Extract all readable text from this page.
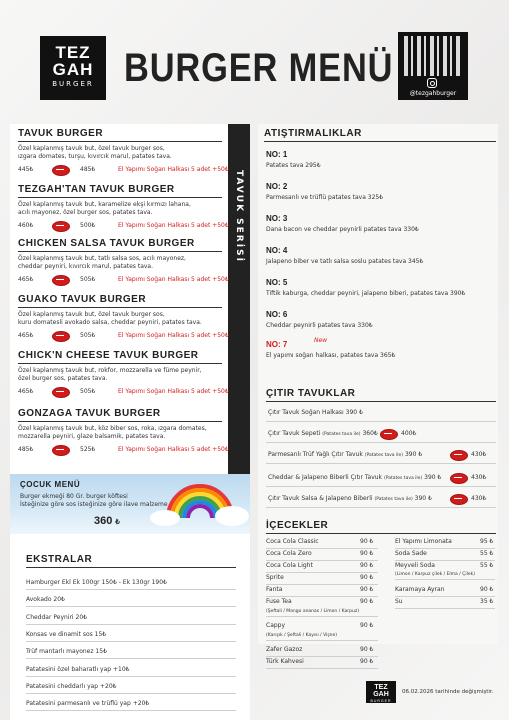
TEZ
GAH
BURGER BURGER MENÜ
@tezgahburger
TAVUK SERİSİ
TAVUK BURGER
Özel kaplanmış tavuk but, özel tavuk burger sos,
ızgara domates, turşu, kıvırcık marul, patates tava.
445₺	485₺	El Yapımı Soğan Halkası 5 adet +50₺
TEZGAH'TAN TAVUK BURGER
Özel kaplanmış tavuk but, karamelize ekşi kırmızı lahana,
acılı mayonez, özel burger sos, patates tava.
460₺	500₺	El Yapımı Soğan Halkası 5 adet +50₺
CHICKEN SALSA TAVUK BURGER
Özel kaplanmış tavuk but, tatlı salsa sos, acılı mayonez,
cheddar peyniri, kıvırcık marul, patates tava.
465₺	505₺	El Yapımı Soğan Halkası 5 adet +50₺
GUAKO TAVUK BURGER
Özel kaplanmış tavuk but, özel tavuk burger sos,
kuru domatesli avokado salsa, cheddar peyniri, patates tava.
465₺	505₺	El Yapımı Soğan Halkası 5 adet +50₺
CHICK'N CHEESE TAVUK BURGER
Özel kaplanmış tavuk but, rokfor, mozzarella ve füme peynir,
özel burger sos, patates tava.
465₺	505₺	El Yapımı Soğan Halkası 5 adet +50₺
GONZAGA TAVUK BURGER
Özel kaplanmış tavuk but, köz biber sos, roka, ızgara domates,
mozzarella peyniri, glaze balsamik, patates tava.
485₺	525₺	El Yapımı Soğan Halkası 5 adet +50₺
ÇOCUK MENÜ
Burger ekmeği 80 Gr. burger köftesi
İsteğinize göre sos isteğinize göre ilave malzeme
360 ₺
EKSTRALAR
Hamburger Ekl Ek 100gr 150₺ - Ek 130gr 190₺
Avokado 20₺
Cheddar Peyniri 20₺
Konsas ve dinamit sos 15₺
Trüf mantarlı mayonez 15₺
Patatesini özel baharatlı yap +10₺
Patatesini cheddarlı yap +20₺
Patatesini parmesanlı ve trüflü yap +20₺
ATIŞTIRMALIKLAR
NO: 1
Patates tava 295₺
NO: 2
Parmesanlı ve trüflü patates tava 325₺
NO: 3
Dana bacon ve cheddar peynirli patates tava 330₺
NO: 4
Jalapeno biber ve tatlı salsa soslu patates tava 345₺
NO: 5
Tiftik kaburga, cheddar peyniri, jalapeno biberi, patates tava 390₺
NO: 6
Cheddar peynirli patates tava 330₺
NO: 7
El yapımı soğan halkası, patates tava 365₺
New
ÇITIR TAVUKLAR
Çıtır Tavuk Soğan Halkası 390 ₺
Çıtır Tavuk Sepeti (Patates tava ile) 360₺	400₺
Parmesanlı Trüf Yağlı Çıtır Tavuk (Patates tava ile) 390 ₺	430₺
Cheddar & Jalapeno Biberli Çıtır Tavuk (Patates tava ile) 390 ₺	430₺
Çıtır Tavuk Salsa & Jalapeno Biberli (Patates tava ile) 390 ₺	430₺
İÇECEKLER
Coca Cola Classic	90 ₺
Coca Cola Zero	90 ₺
Coca Cola Light	90 ₺
Sprite	90 ₺
Fanta	90 ₺
Fuse Tea	90 ₺
(Şeftali / Mango ananas / Limon / Karpuz)
Cappy	90 ₺
(Karışık / Şeftali / Kayısı / Vişne)
Zafer Gazoz	90 ₺
Türk Kahvesi	90 ₺
El Yapımı Limonata	95 ₺
Soda Sade	55 ₺
Meyveli Soda	55 ₺
(Limon / Karpuz çilek / Elma / Çilek)
Karamaya Ayran	90 ₺
Su	35 ₺
TEZ
GAH
BURGER
06.02.2026 tarihinde değişmiştir.
